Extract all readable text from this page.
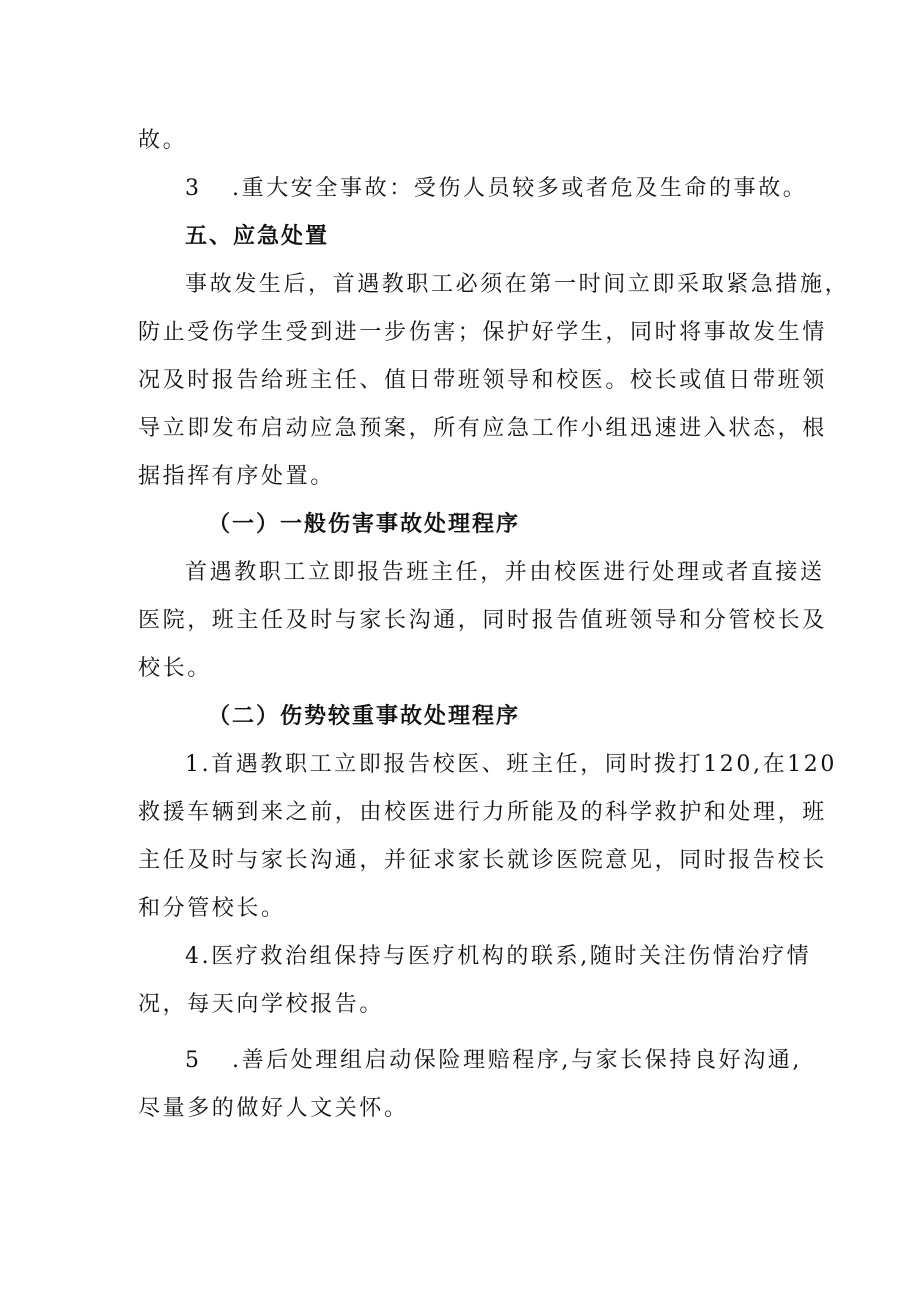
故。
3 .重大安全事故：受伤人员较多或者危及生命的事故。
五、应急处置
事故发生后，首遇教职工必须在第一时间立即采取紧急措施，
防止受伤学生受到进一步伤害；保护好学生，同时将事故发生情
况及时报告给班主任、值日带班领导和校医。校长或值日带班领
导立即发布启动应急预案，所有应急工作小组迅速进入状态，根
据指挥有序处置。
（一）一般伤害事故处理程序
首遇教职工立即报告班主任，并由校医进行处理或者直接送
医院，班主任及时与家长沟通，同时报告值班领导和分管校长及
校长。
（二）伤势较重事故处理程序
1.首遇教职工立即报告校医、班主任，同时拨打120,在120
救援车辆到来之前，由校医进行力所能及的科学救护和处理，班
主任及时与家长沟通，并征求家长就诊医院意见，同时报告校长
和分管校长。
4.医疗救治组保持与医疗机构的联系,随时关注伤情治疗情
况，每天向学校报告。
5 .善后处理组启动保险理赔程序,与家长保持良好沟通,
尽量多的做好人文关怀。
